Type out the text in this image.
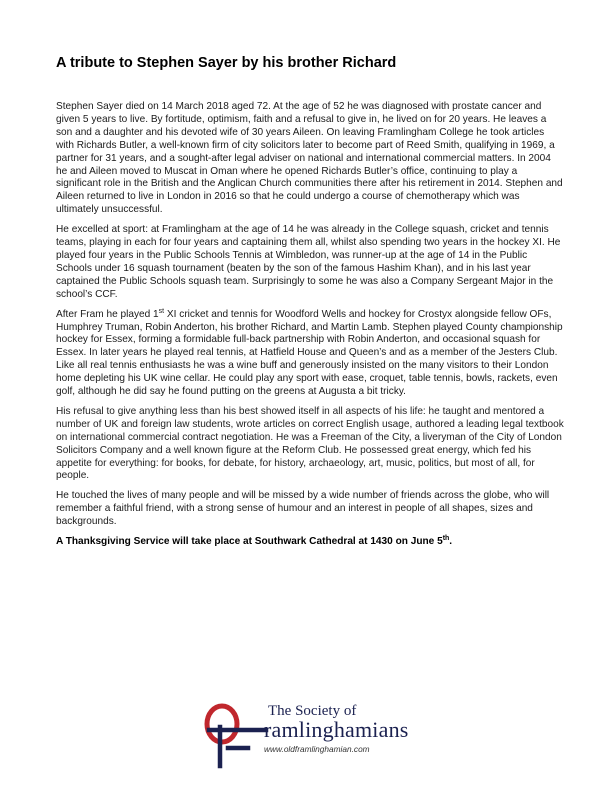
A tribute to Stephen Sayer by his brother Richard

Stephen Sayer died on 14 March 2018 aged 72. At the age of 52 he was diagnosed with prostate cancer and given 5 years to live. By fortitude, optimism, faith and a refusal to give in, he lived on for 20 years. He leaves a son and a daughter and his devoted wife of 30 years Aileen. On leaving Framlingham College he took articles with Richards Butler, a well-known firm of city solicitors later to become part of Reed Smith, qualifying in 1969, a partner for 31 years, and a sought-after legal adviser on national and international commercial matters. In 2004 he and Aileen moved to Muscat in Oman where he opened Richards Butler’s office, continuing to play a significant role in the British and the Anglican Church communities there after his retirement in 2014. Stephen and Aileen returned to live in London in 2016 so that he could undergo a course of chemotherapy which was ultimately unsuccessful.

He excelled at sport: at Framlingham at the age of 14 he was already in the College squash, cricket and tennis teams, playing in each for four years and captaining them all, whilst also spending two years in the hockey XI. He played four years in the Public Schools Tennis at Wimbledon, was runner-up at the age of 14 in the Public Schools under 16 squash tournament (beaten by the son of the famous Hashim Khan), and in his last year captained the Public Schools squash team. Surprisingly to some he was also a Company Sergeant Major in the school’s CCF.

After Fram he played 1st XI cricket and tennis for Woodford Wells and hockey for Crostyx alongside fellow OFs, Humphrey Truman, Robin Anderton, his brother Richard, and Martin Lamb. Stephen played County championship hockey for Essex, forming a formidable full-back partnership with Robin Anderton, and occasional squash for Essex. In later years he played real tennis, at Hatfield House and Queen’s and as a member of the Jesters Club. Like all real tennis enthusiasts he was a wine buff and generously insisted on the many visitors to their London home depleting his UK wine cellar. He could play any sport with ease, croquet, table tennis, bowls, rackets, even golf, although he did say he found putting on the greens at Augusta a bit tricky.

His refusal to give anything less than his best showed itself in all aspects of his life: he taught and mentored a number of UK and foreign law students, wrote articles on correct English usage, authored a leading legal textbook on international commercial contract negotiation. He was a Freeman of the City, a liveryman of the City of London Solicitors Company and a well known figure at the Reform Club. He possessed great energy, which fed his appetite for everything: for books, for debate, for history, archaeology, art, music, politics, but most of all, for people.

He touched the lives of many people and will be missed by a wide number of friends across the globe, who will remember a faithful friend, with a strong sense of humour and an interest in people of all shapes, sizes and backgrounds.

A Thanksgiving Service will take place at Southwark Cathedral at 1430 on June 5th.

The Society of
ramlinghamians
www.oldframlinghamian.com
